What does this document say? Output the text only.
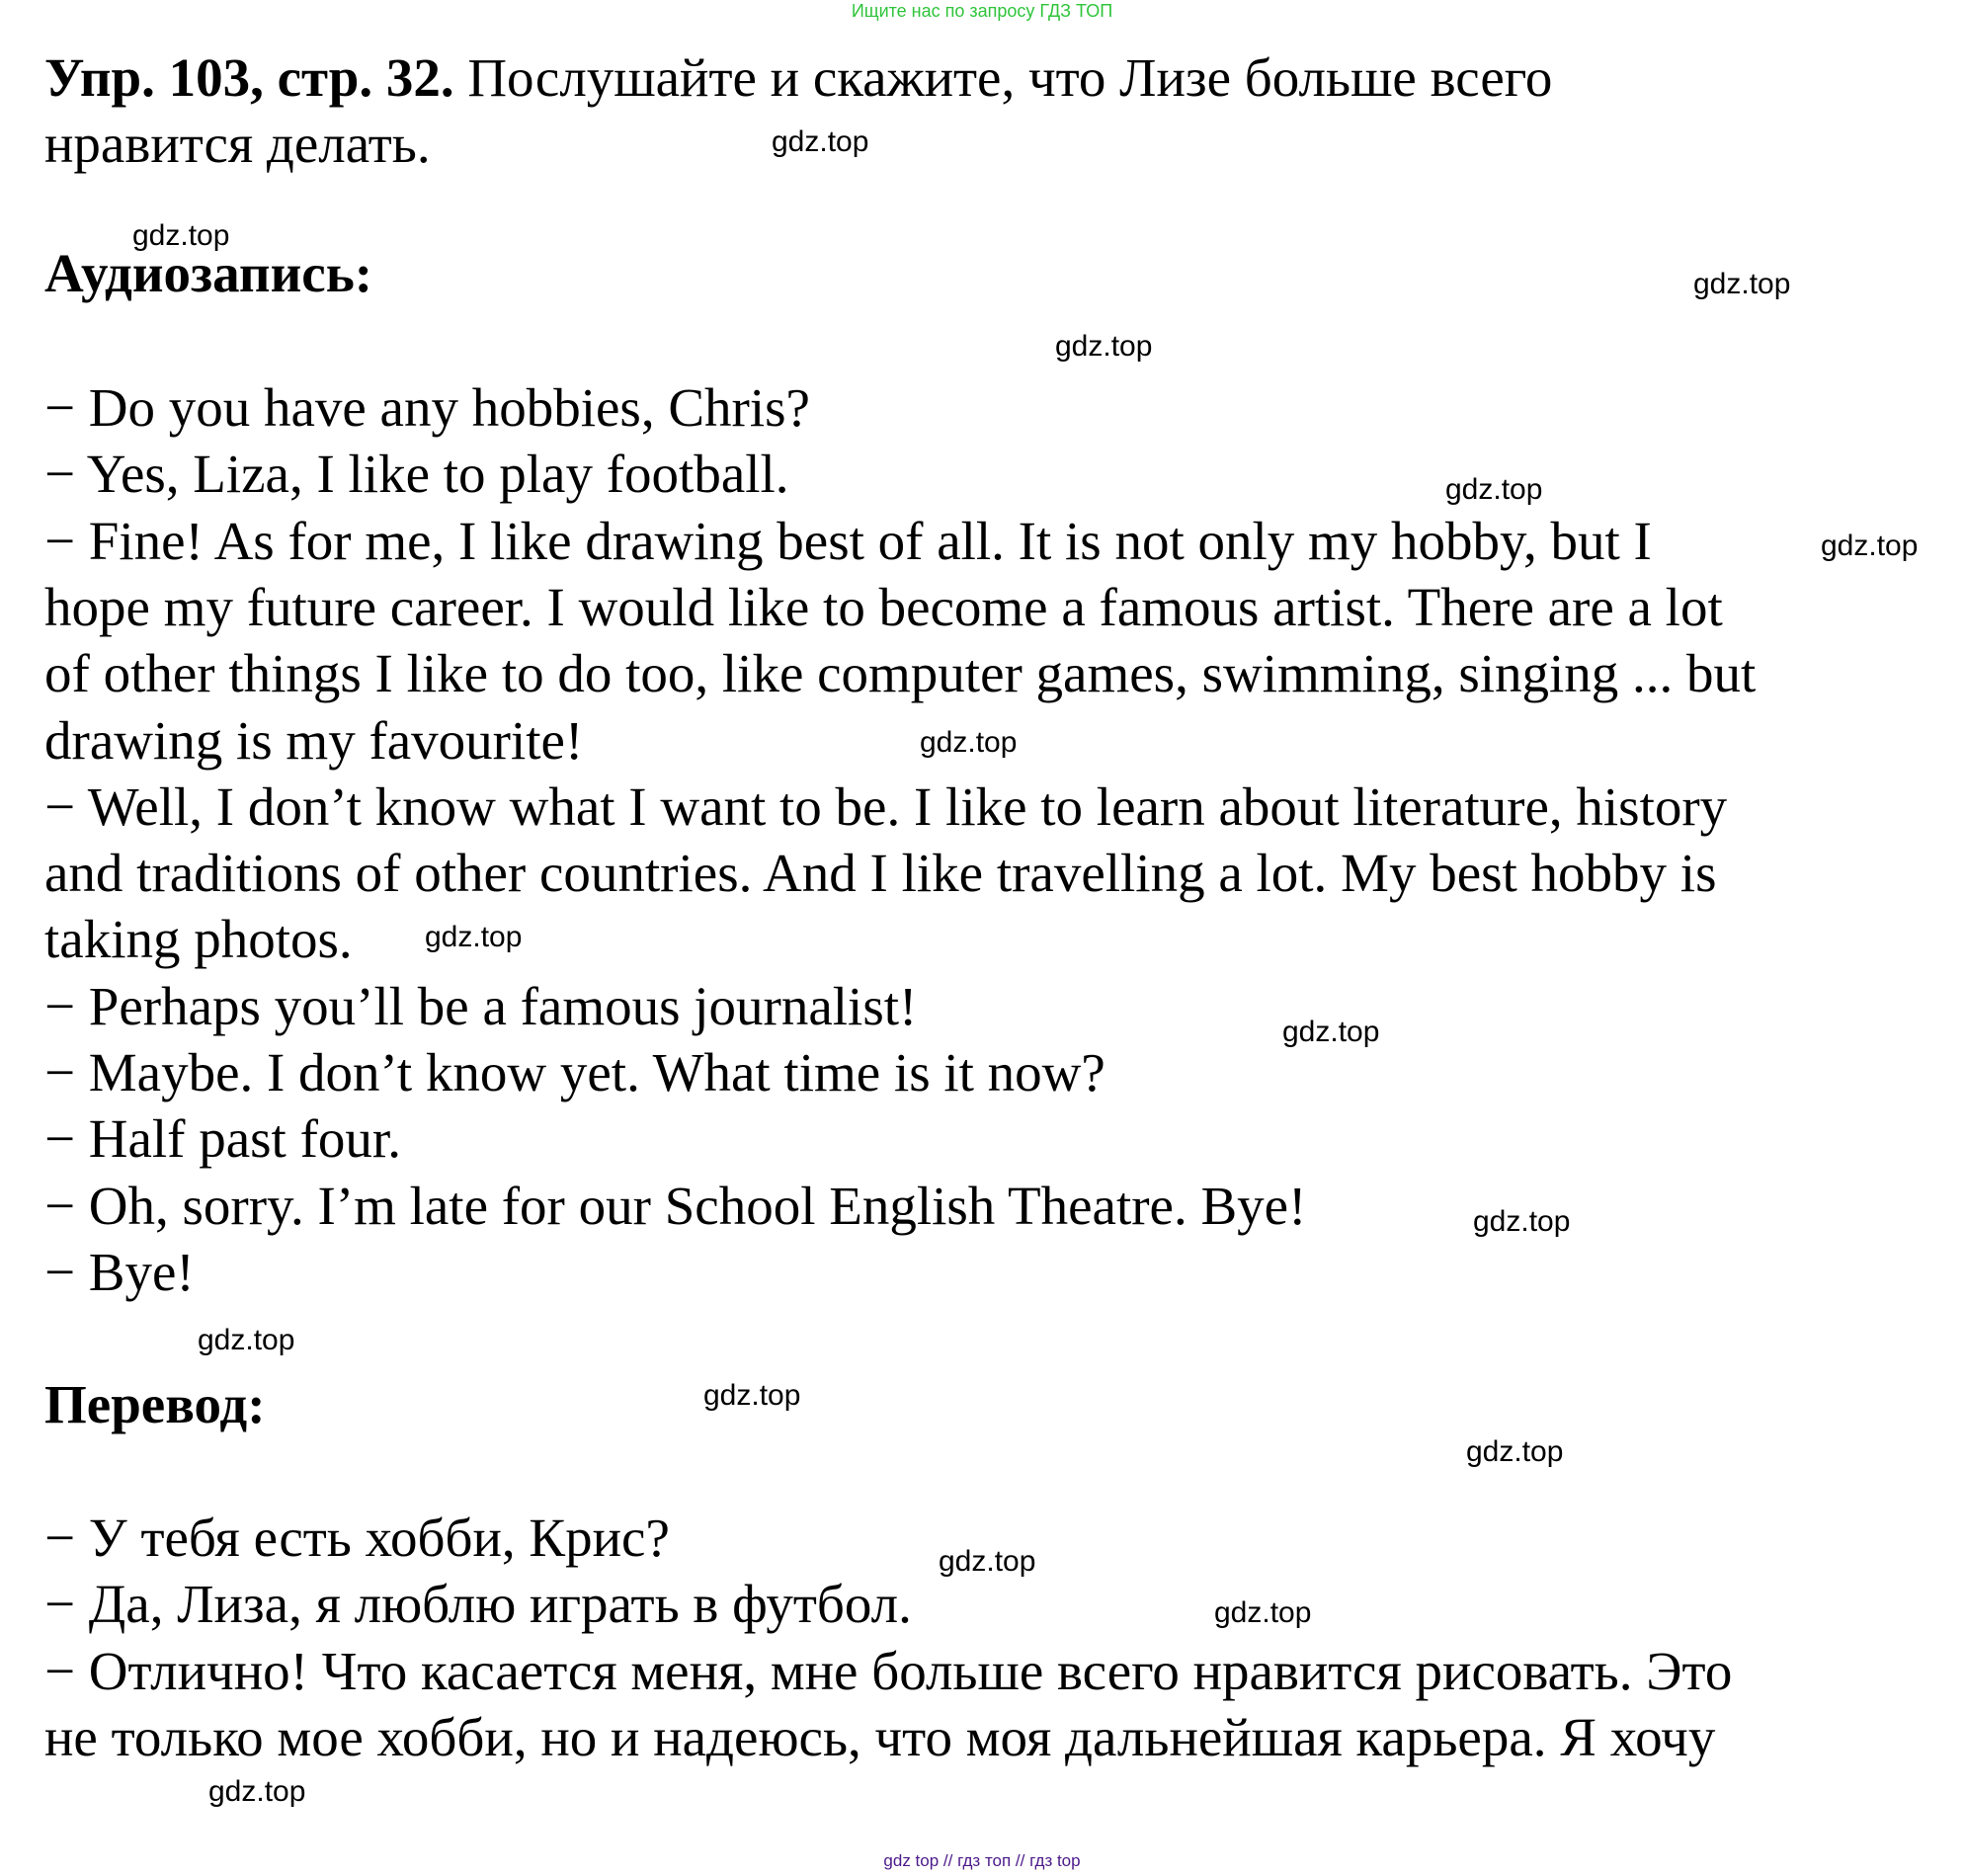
Ищите нас по запросу ГДЗ ТОП
Упр. 103, стр. 32. Послушайте и скажите, что Лизе больше всего
нравится делать.
Аудиозапись:
− Do you have any hobbies, Chris?
− Yes, Liza, I like to play football.
− Fine! As for me, I like drawing best of all. It is not only my hobby, but I
hope my future career. I would like to become a famous artist. There are a lot
of other things I like to do too, like computer games, swimming, singing ... but
drawing is my favourite!
− Well, I don’t know what I want to be. I like to learn about literature, history
and traditions of other countries. And I like travelling a lot. My best hobby is
taking photos.
− Perhaps you’ll be a famous journalist!
− Maybe. I don’t know yet. What time is it now?
− Half past four.
− Oh, sorry. I’m late for our School English Theatre. Bye!
− Bye!
Перевод:
− У тебя есть хобби, Крис?
− Да, Лиза, я люблю играть в футбол.
− Отлично! Что касается меня, мне больше всего нравится рисовать. Это
не только мое хобби, но и надеюсь, что моя дальнейшая карьера. Я хочу
gdz.top
gdz.top
gdz.top
gdz.top
gdz.top
gdz.top
gdz.top
gdz.top
gdz.top
gdz.top
gdz.top
gdz.top
gdz.top
gdz.top
gdz.top
gdz.top
gdz top // гдз топ // гдз top
